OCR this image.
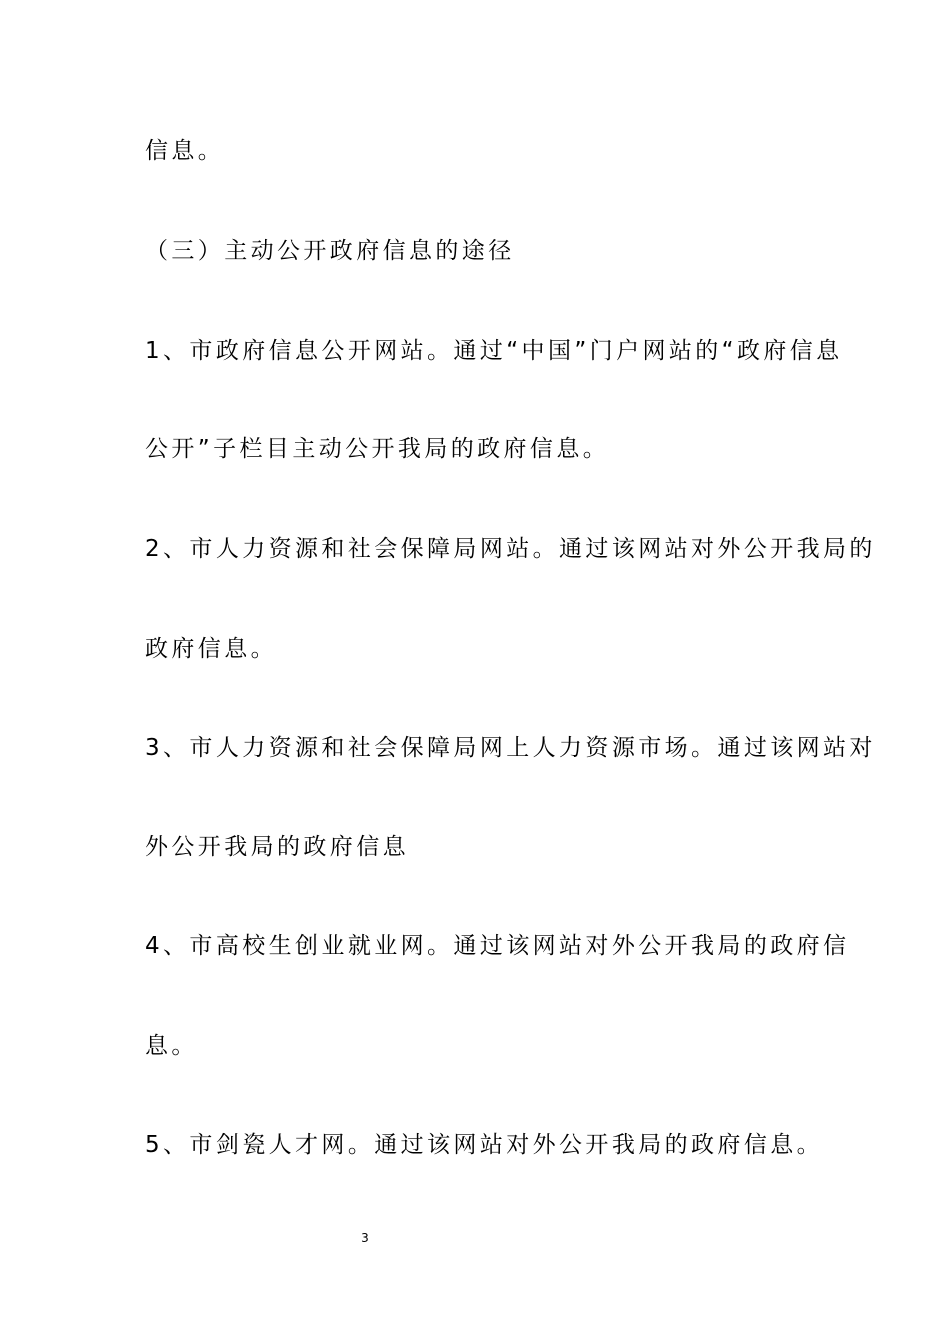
信息。

（三）主动公开政府信息的途径

1、市政府信息公开网站。通过“中国”门户网站的“政府信息

公开”子栏目主动公开我局的政府信息。

2、市人力资源和社会保障局网站。通过该网站对外公开我局的

政府信息。

3、市人力资源和社会保障局网上人力资源市场。通过该网站对

外公开我局的政府信息

4、市高校生创业就业网。通过该网站对外公开我局的政府信

息。

5、市剑瓷人才网。通过该网站对外公开我局的政府信息。

3
